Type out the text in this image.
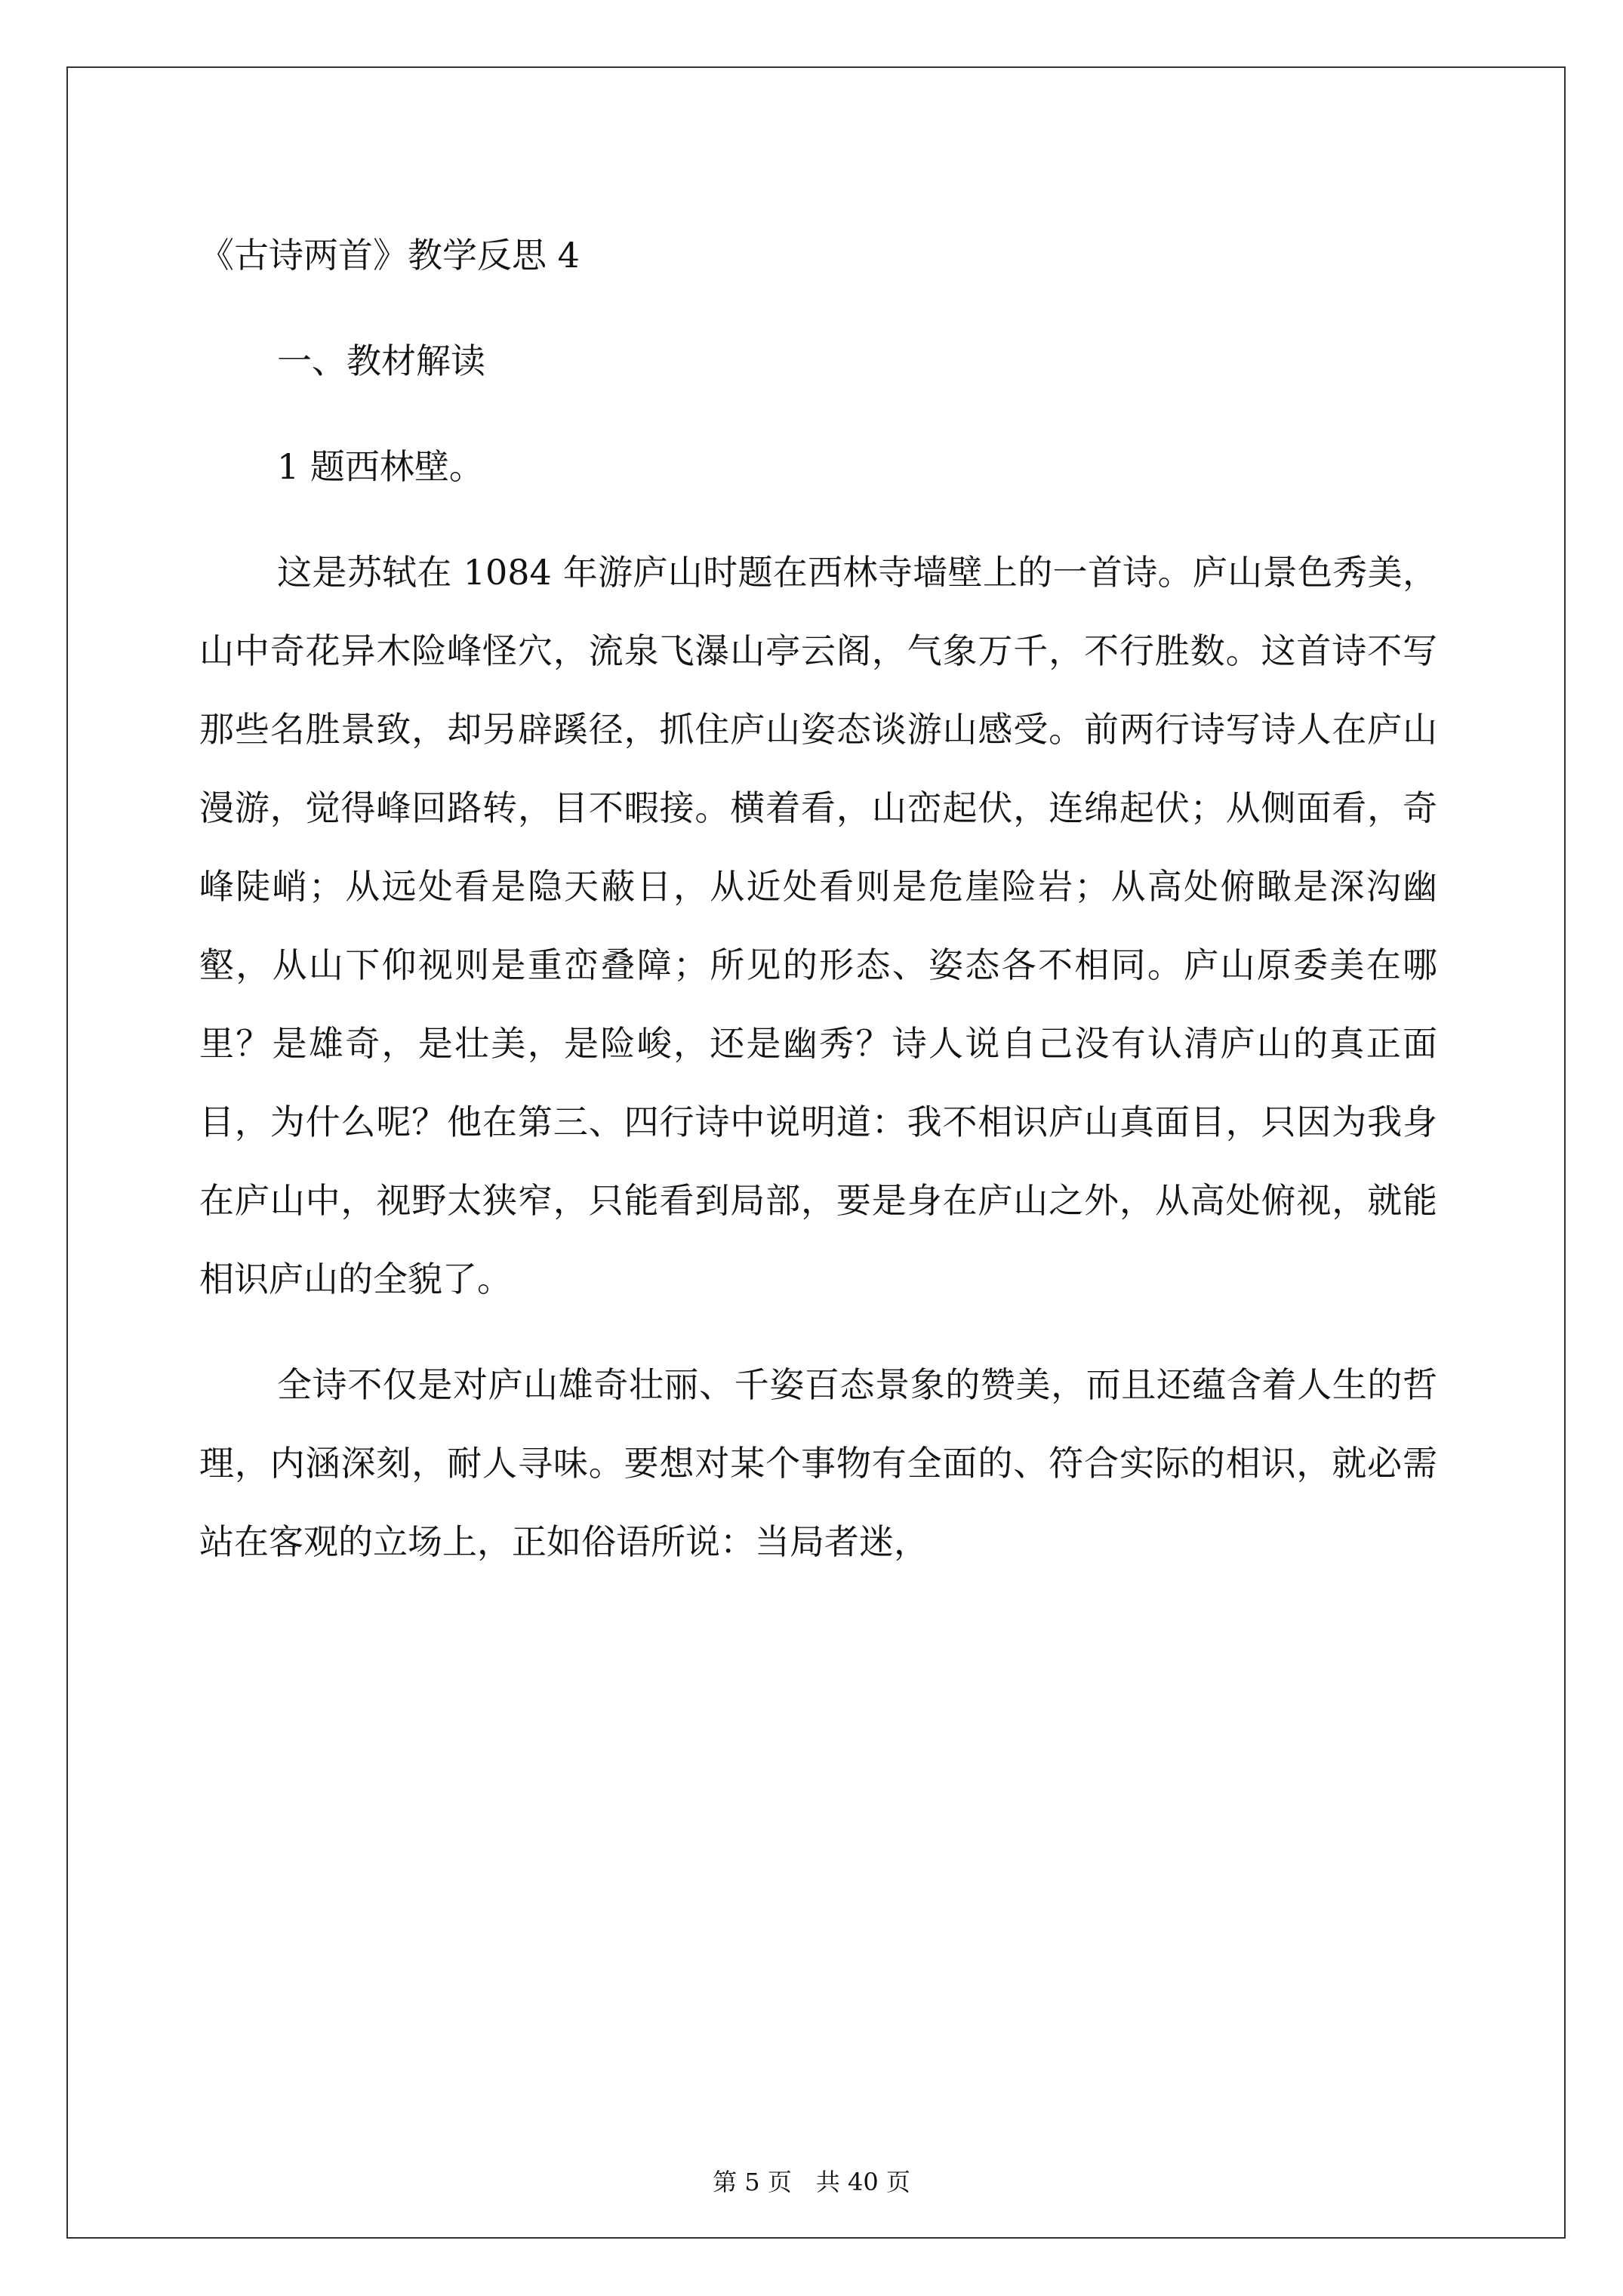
《古诗两首》教学反思 4

一、教材解读

1 题西林壁。

这是苏轼在 1084 年游庐山时题在西林寺墙壁上的一首诗。庐山景色秀美，山中奇花异木险峰怪穴，流泉飞瀑山亭云阁，气象万千，不行胜数。这首诗不写那些名胜景致，却另辟蹊径，抓住庐山姿态谈游山感受。前两行诗写诗人在庐山漫游，觉得峰回路转，目不暇接。横着看，山峦起伏，连绵起伏；从侧面看，奇峰陡峭；从远处看是隐天蔽日，从近处看则是危崖险岩；从高处俯瞰是深沟幽壑，从山下仰视则是重峦叠障；所见的形态、姿态各不相同。庐山原委美在哪里？是雄奇，是壮美，是险峻，还是幽秀？诗人说自己没有认清庐山的真正面目，为什么呢？他在第三、四行诗中说明道：我不相识庐山真面目，只因为我身在庐山中，视野太狭窄，只能看到局部，要是身在庐山之外，从高处俯视，就能相识庐山的全貌了。

全诗不仅是对庐山雄奇壮丽、千姿百态景象的赞美，而且还蕴含着人生的哲理，内涵深刻，耐人寻味。要想对某个事物有全面的、符合实际的相识，就必需站在客观的立场上，正如俗语所说：当局者迷，

第 5 页　共 40 页
